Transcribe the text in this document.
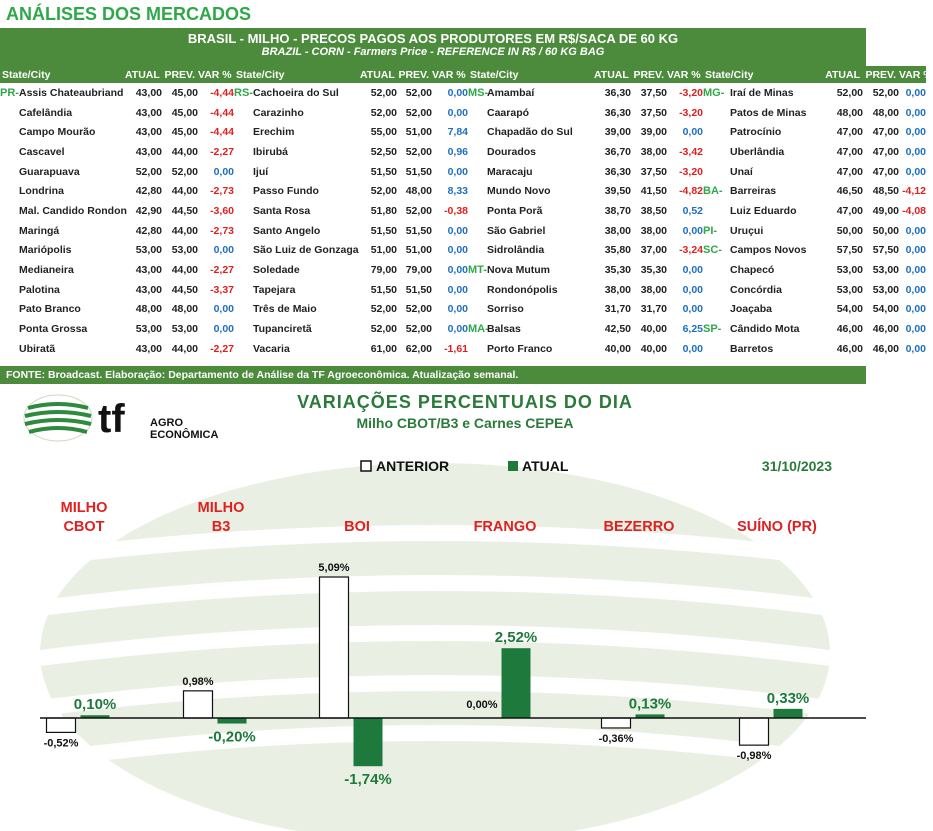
ANÁLISES DOS MERCADOS
BRASIL - MILHO - PRECOS PAGOS AOS PRODUTORES EM R$/SACA DE 60 KG
BRAZIL - CORN - Farmers Price - REFERENCE IN R$ / 60 KG BAG
State/City		ATUAL	PREV.	VAR %	State/City		ATUAL	PREV.	VAR %	State/City		ATUAL	PREV.	VAR %	State/City		ATUAL	PREV.	VAR %
PR-	Assis Chateaubriand	43,00	45,00	-4,44	RS-	Cachoeira do Sul	52,00	52,00	0,00	MS-	Amambaí	36,30	37,50	-3,20	MG-	Iraí de Minas	52,00	52,00	0,00
	Cafelândia	43,00	45,00	-4,44		Carazinho	52,00	52,00	0,00		Caarapó	36,30	37,50	-3,20		Patos de Minas	48,00	48,00	0,00
	Campo Mourão	43,00	45,00	-4,44		Erechim	55,00	51,00	7,84		Chapadão do Sul	39,00	39,00	0,00		Patrocínio	47,00	47,00	0,00
	Cascavel	43,00	44,00	-2,27		Ibirubá	52,50	52,00	0,96		Dourados	36,70	38,00	-3,42		Uberlândia	47,00	47,00	0,00
	Guarapuava	52,00	52,00	0,00		Ijuí	51,50	51,50	0,00		Maracaju	36,30	37,50	-3,20		Unaí	47,00	47,00	0,00
	Londrina	42,80	44,00	-2,73		Passo Fundo	52,00	48,00	8,33		Mundo Novo	39,50	41,50	-4,82	BA-	Barreiras	46,50	48,50	-4,12
	Mal. Candido Rondon	42,90	44,50	-3,60		Santa Rosa	51,80	52,00	-0,38		Ponta Porã	38,70	38,50	0,52		Luiz Eduardo	47,00	49,00	-4,08
	Maringá	42,80	44,00	-2,73		Santo Angelo	51,50	51,50	0,00		São Gabriel	38,00	38,00	0,00	PI-	Uruçui	50,00	50,00	0,00
	Mariópolis	53,00	53,00	0,00		São Luiz de Gonzaga	51,00	51,00	0,00		Sidrolândia	35,80	37,00	-3,24	SC-	Campos Novos	57,50	57,50	0,00
	Medianeira	43,00	44,00	-2,27		Soledade	79,00	79,00	0,00	MT-	Nova Mutum	35,30	35,30	0,00		Chapecó	53,00	53,00	0,00
	Palotina	43,00	44,50	-3,37		Tapejara	51,50	51,50	0,00		Rondonópolis	38,00	38,00	0,00		Concórdia	53,00	53,00	0,00
	Pato Branco	48,00	48,00	0,00		Três de Maio	52,00	52,00	0,00		Sorriso	31,70	31,70	0,00		Joaçaba	54,00	54,00	0,00
	Ponta Grossa	53,00	53,00	0,00		Tupanciretã	52,00	52,00	0,00	MA-	Balsas	42,50	40,00	6,25	SP-	Cândido Mota	46,00	46,00	0,00
	Ubiratã	43,00	44,00	-2,27		Vacaria	61,00	62,00	-1,61		Porto Franco	40,00	40,00	0,00		Barretos	46,00	46,00	0,00
FONTE: Broadcast. Elaboração: Departamento de Análise da TF Agroeconômica. Atualização semanal.
tf AGRO
ECONÔMICA
VARIAÇÕES PERCENTUAIS DO DIA
Milho CBOT/B3 e Carnes CEPEA
ANTERIOR	ATUAL	31/10/2023
MILHO
CBOT
MILHO
B3	BOI	FRANGO	BEZERRO	SUÍNO (PR)
-0,52%
0,98%
5,09%
0,00%
-0,36%
-0,98%
0,10%
-0,20%
-1,74%
2,52%
0,13%	0,33%
